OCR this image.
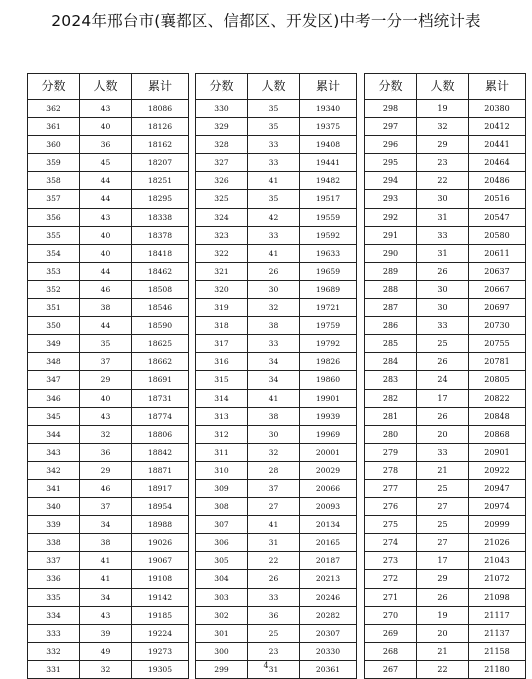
2024年邢台市(襄都区、信都区、开发区)中考一分一档统计表
分数	人数	累计
362	43	18086
361	40	18126
360	36	18162
359	45	18207
358	44	18251
357	44	18295
356	43	18338
355	40	18378
354	40	18418
353	44	18462
352	46	18508
351	38	18546
350	44	18590
349	35	18625
348	37	18662
347	29	18691
346	40	18731
345	43	18774
344	32	18806
343	36	18842
342	29	18871
341	46	18917
340	37	18954
339	34	18988
338	38	19026
337	41	19067
336	41	19108
335	34	19142
334	43	19185
333	39	19224
332	49	19273
331	32	19305
分数	人数	累计
330	35	19340
329	35	19375
328	33	19408
327	33	19441
326	41	19482
325	35	19517
324	42	19559
323	33	19592
322	41	19633
321	26	19659
320	30	19689
319	32	19721
318	38	19759
317	33	19792
316	34	19826
315	34	19860
314	41	19901
313	38	19939
312	30	19969
311	32	20001
310	28	20029
309	37	20066
308	27	20093
307	41	20134
306	31	20165
305	22	20187
304	26	20213
303	33	20246
302	36	20282
301	25	20307
300	23	20330
299	31	20361
分数	人数	累计
298	19	20380
297	32	20412
296	29	20441
295	23	20464
294	22	20486
293	30	20516
292	31	20547
291	33	20580
290	31	20611
289	26	20637
288	30	20667
287	30	20697
286	33	20730
285	25	20755
284	26	20781
283	24	20805
282	17	20822
281	26	20848
280	20	20868
279	33	20901
278	21	20922
277	25	20947
276	27	20974
275	25	20999
274	27	21026
273	17	21043
272	29	21072
271	26	21098
270	19	21117
269	20	21137
268	21	21158
267	22	21180
4
